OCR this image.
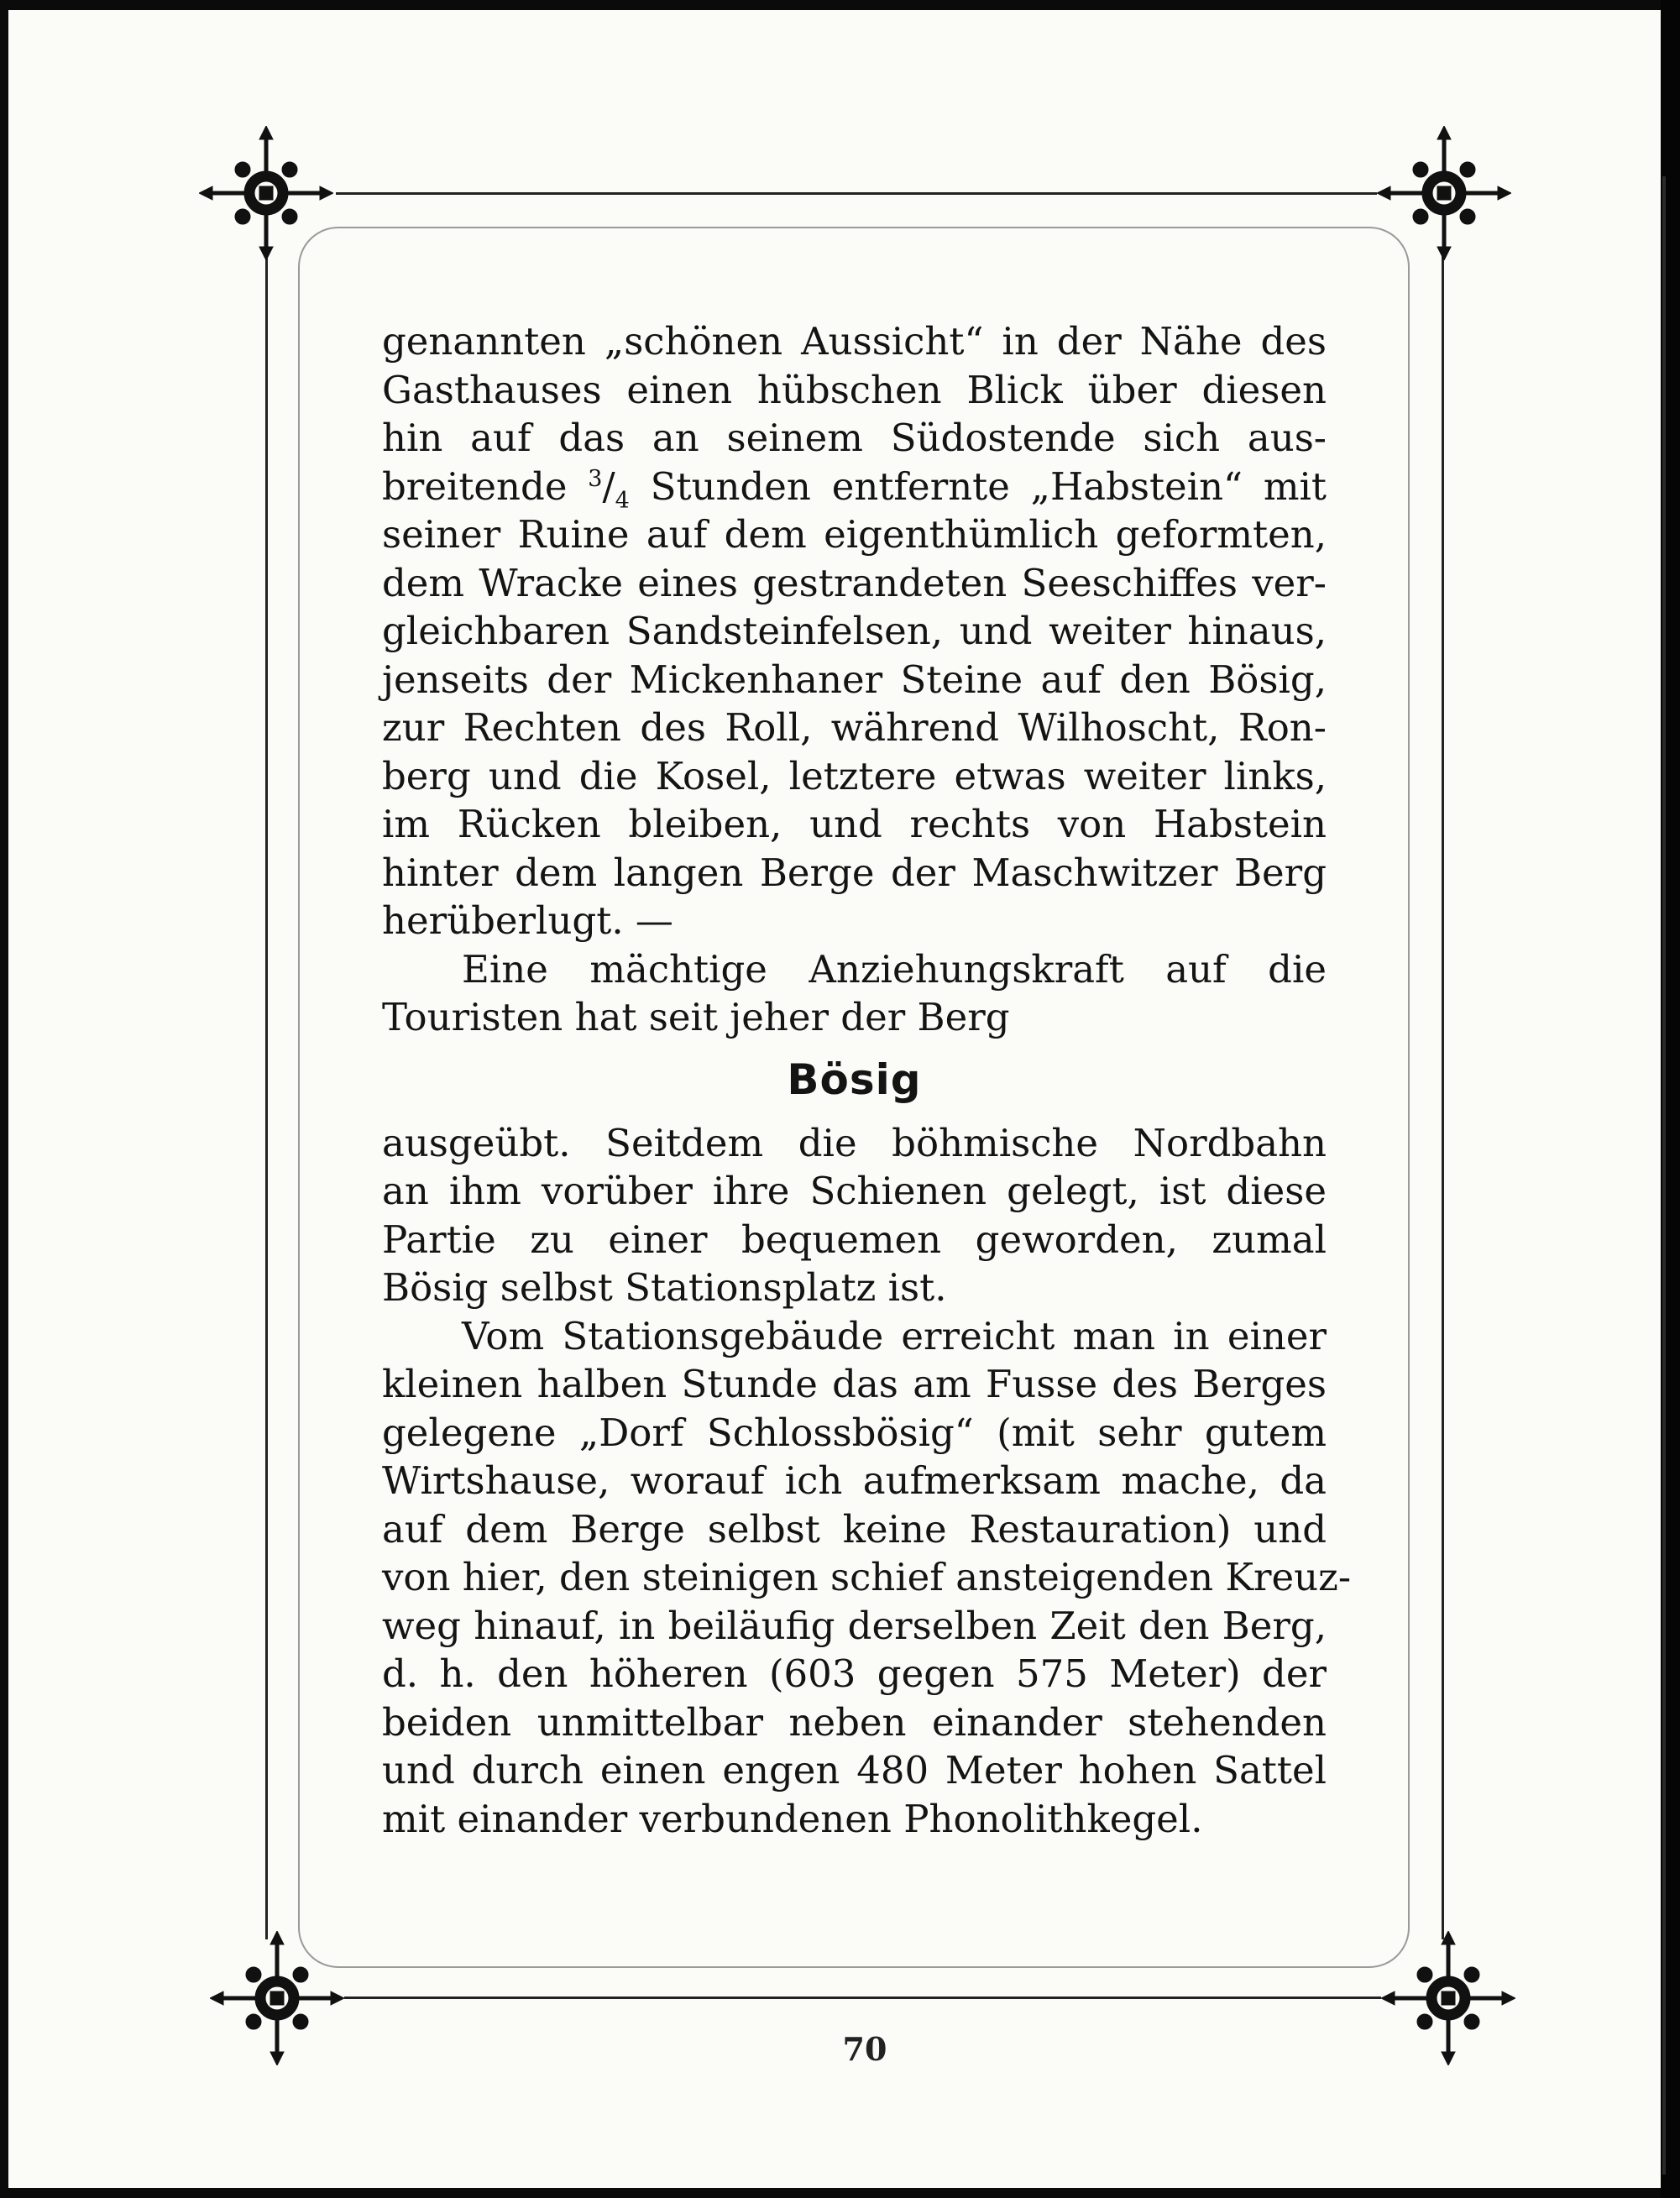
genannten „schönen Aussicht“ in der Nähe des
Gasthauses einen hübschen Blick über diesen
hin auf das an seinem Südostende sich aus-
breitende $^3/_4$ Stunden entfernte „Habstein“ mit
seiner Ruine auf dem eigenthümlich geformten,
dem Wracke eines gestrandeten Seeschiffes ver-
gleichbaren Sandsteinfelsen, und weiter hinaus,
jenseits der Mickenhaner Steine auf den Bösig,
zur Rechten des Roll, während Wilhoscht, Ron-
berg und die Kosel, letztere etwas weiter links,
im Rücken bleiben, und rechts von Habstein
hinter dem langen Berge der Maschwitzer Berg
herüberlugt. —
Eine mächtige Anziehungskraft auf die
Touristen hat seit jeher der Berg
Bösig
ausgeübt. Seitdem die böhmische Nordbahn
an ihm vorüber ihre Schienen gelegt, ist diese
Partie zu einer bequemen geworden, zumal
Bösig selbst Stationsplatz ist.
Vom Stationsgebäude erreicht man in einer
kleinen halben Stunde das am Fusse des Berges
gelegene „Dorf Schlossbösig“ (mit sehr gutem
Wirtshause, worauf ich aufmerksam mache, da
auf dem Berge selbst keine Restauration) und
von hier, den steinigen schief ansteigenden Kreuz-
weg hinauf, in beiläufig derselben Zeit den Berg,
d. h. den höheren (603 gegen 575 Meter) der
beiden unmittelbar neben einander stehenden
und durch einen engen 480 Meter hohen Sattel
mit einander verbundenen Phonolithkegel.
70
